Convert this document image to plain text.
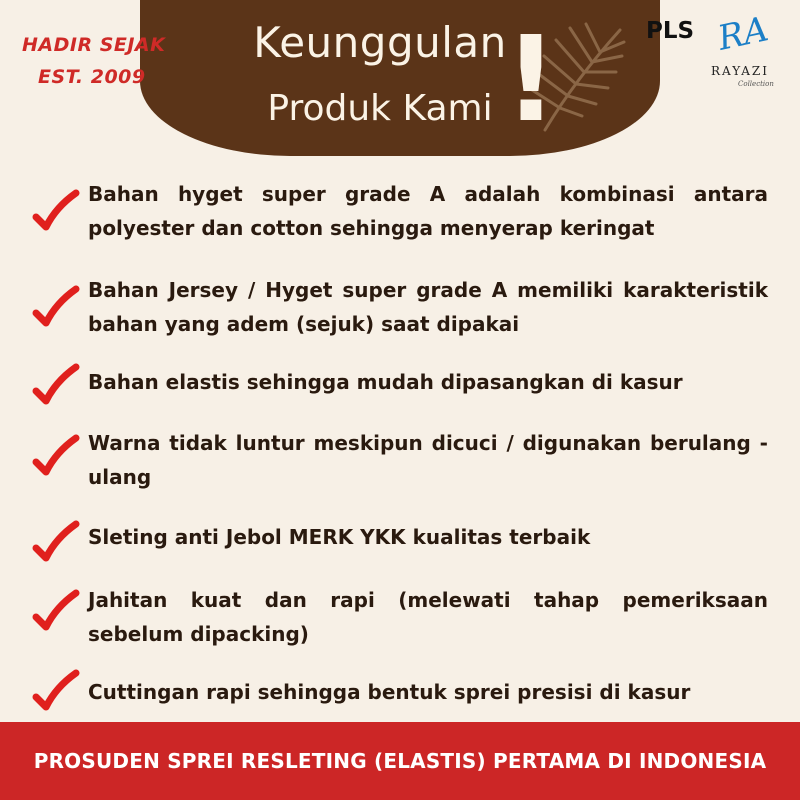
Keunggulan
Produk Kami !
HADIR SEJAK
EST. 2009
PLS RA
RAYAZI
Collection
Bahan hyget super grade A adalah kombinasi antara polyester dan cotton sehingga menyerap keringat
Bahan Jersey / Hyget super grade A memiliki karakteristik bahan yang adem (sejuk) saat dipakai
Bahan elastis sehingga mudah dipasangkan di kasur
Warna tidak luntur meskipun dicuci / digunakan berulang - ulang
Sleting anti Jebol MERK YKK kualitas terbaik
Jahitan kuat dan rapi (melewati tahap pemeriksaan sebelum dipacking)
Cuttingan rapi sehingga bentuk sprei presisi di kasur
PROSUDEN SPREI RESLETING (ELASTIS) PERTAMA DI INDONESIA
